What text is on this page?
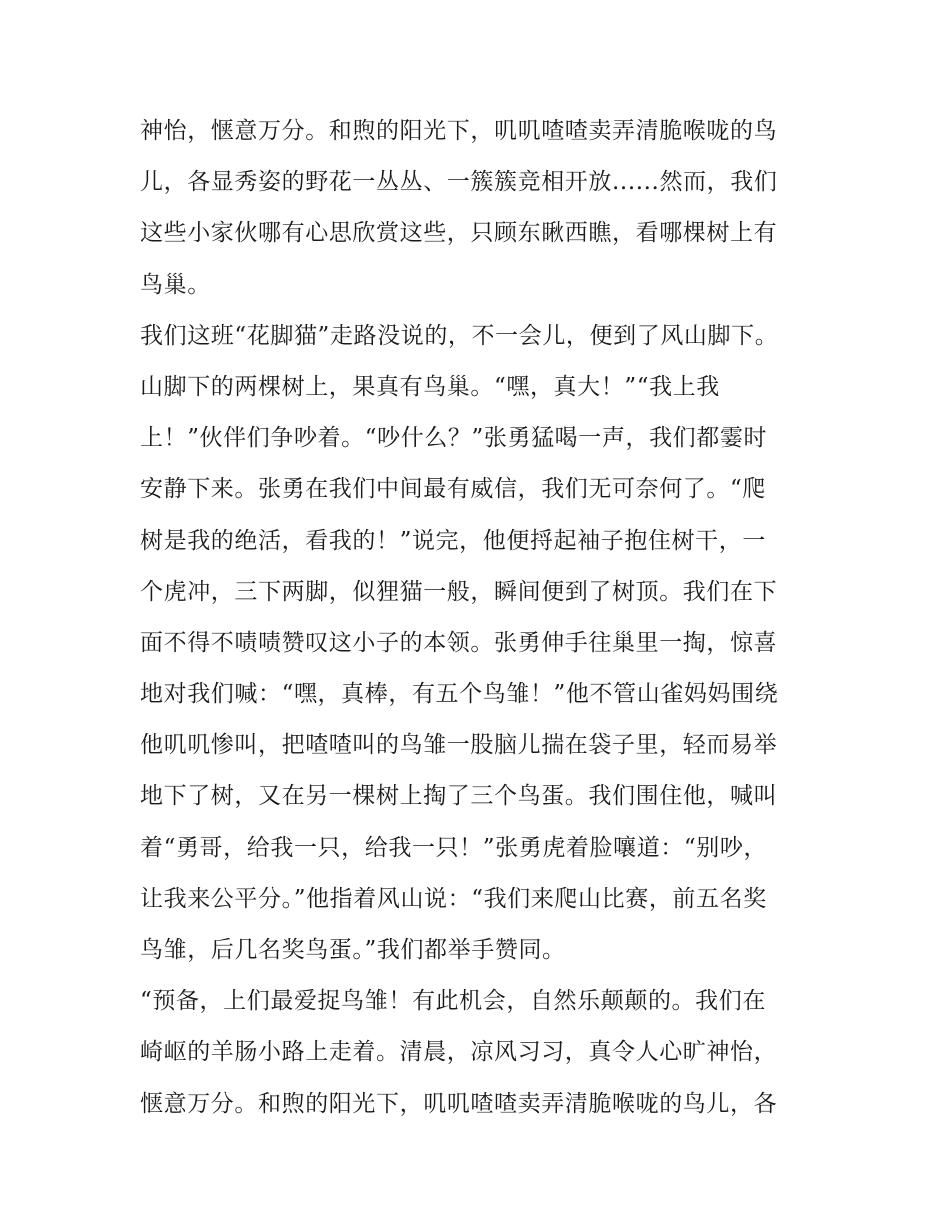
神怡，惬意万分。和煦的阳光下，叽叽喳喳卖弄清脆喉咙的鸟
儿，各显秀姿的野花一丛丛、一簇簇竞相开放......然而，我们
这些小家伙哪有心思欣赏这些，只顾东瞅西瞧，看哪棵树上有
鸟巢。
我们这班“花脚猫”走路没说的，不一会儿，便到了风山脚下。
山脚下的两棵树上，果真有鸟巢。“嘿，真大！”“我上我
上！”伙伴们争吵着。“吵什么？”张勇猛喝一声，我们都霎时
安静下来。张勇在我们中间最有威信，我们无可奈何了。“爬
树是我的绝活，看我的！”说完，他便捋起袖子抱住树干，一
个虎冲，三下两脚，似狸猫一般，瞬间便到了树顶。我们在下
面不得不啧啧赞叹这小子的本领。张勇伸手往巢里一掏，惊喜
地对我们喊：“嘿，真棒，有五个鸟雏！”他不管山雀妈妈围绕
他叽叽惨叫，把喳喳叫的鸟雏一股脑儿揣在袋子里，轻而易举
地下了树，又在另一棵树上掏了三个鸟蛋。我们围住他，喊叫
着“勇哥，给我一只，给我一只！”张勇虎着脸嚷道：“别吵，
让我来公平分。”他指着风山说：“我们来爬山比赛，前五名奖
鸟雏，后几名奖鸟蛋。”我们都举手赞同。
“预备，上们最爱捉鸟雏！有此机会，自然乐颠颠的。我们在
崎岖的羊肠小路上走着。清晨，凉风习习，真令人心旷神怡，
惬意万分。和煦的阳光下，叽叽喳喳卖弄清脆喉咙的鸟儿，各
